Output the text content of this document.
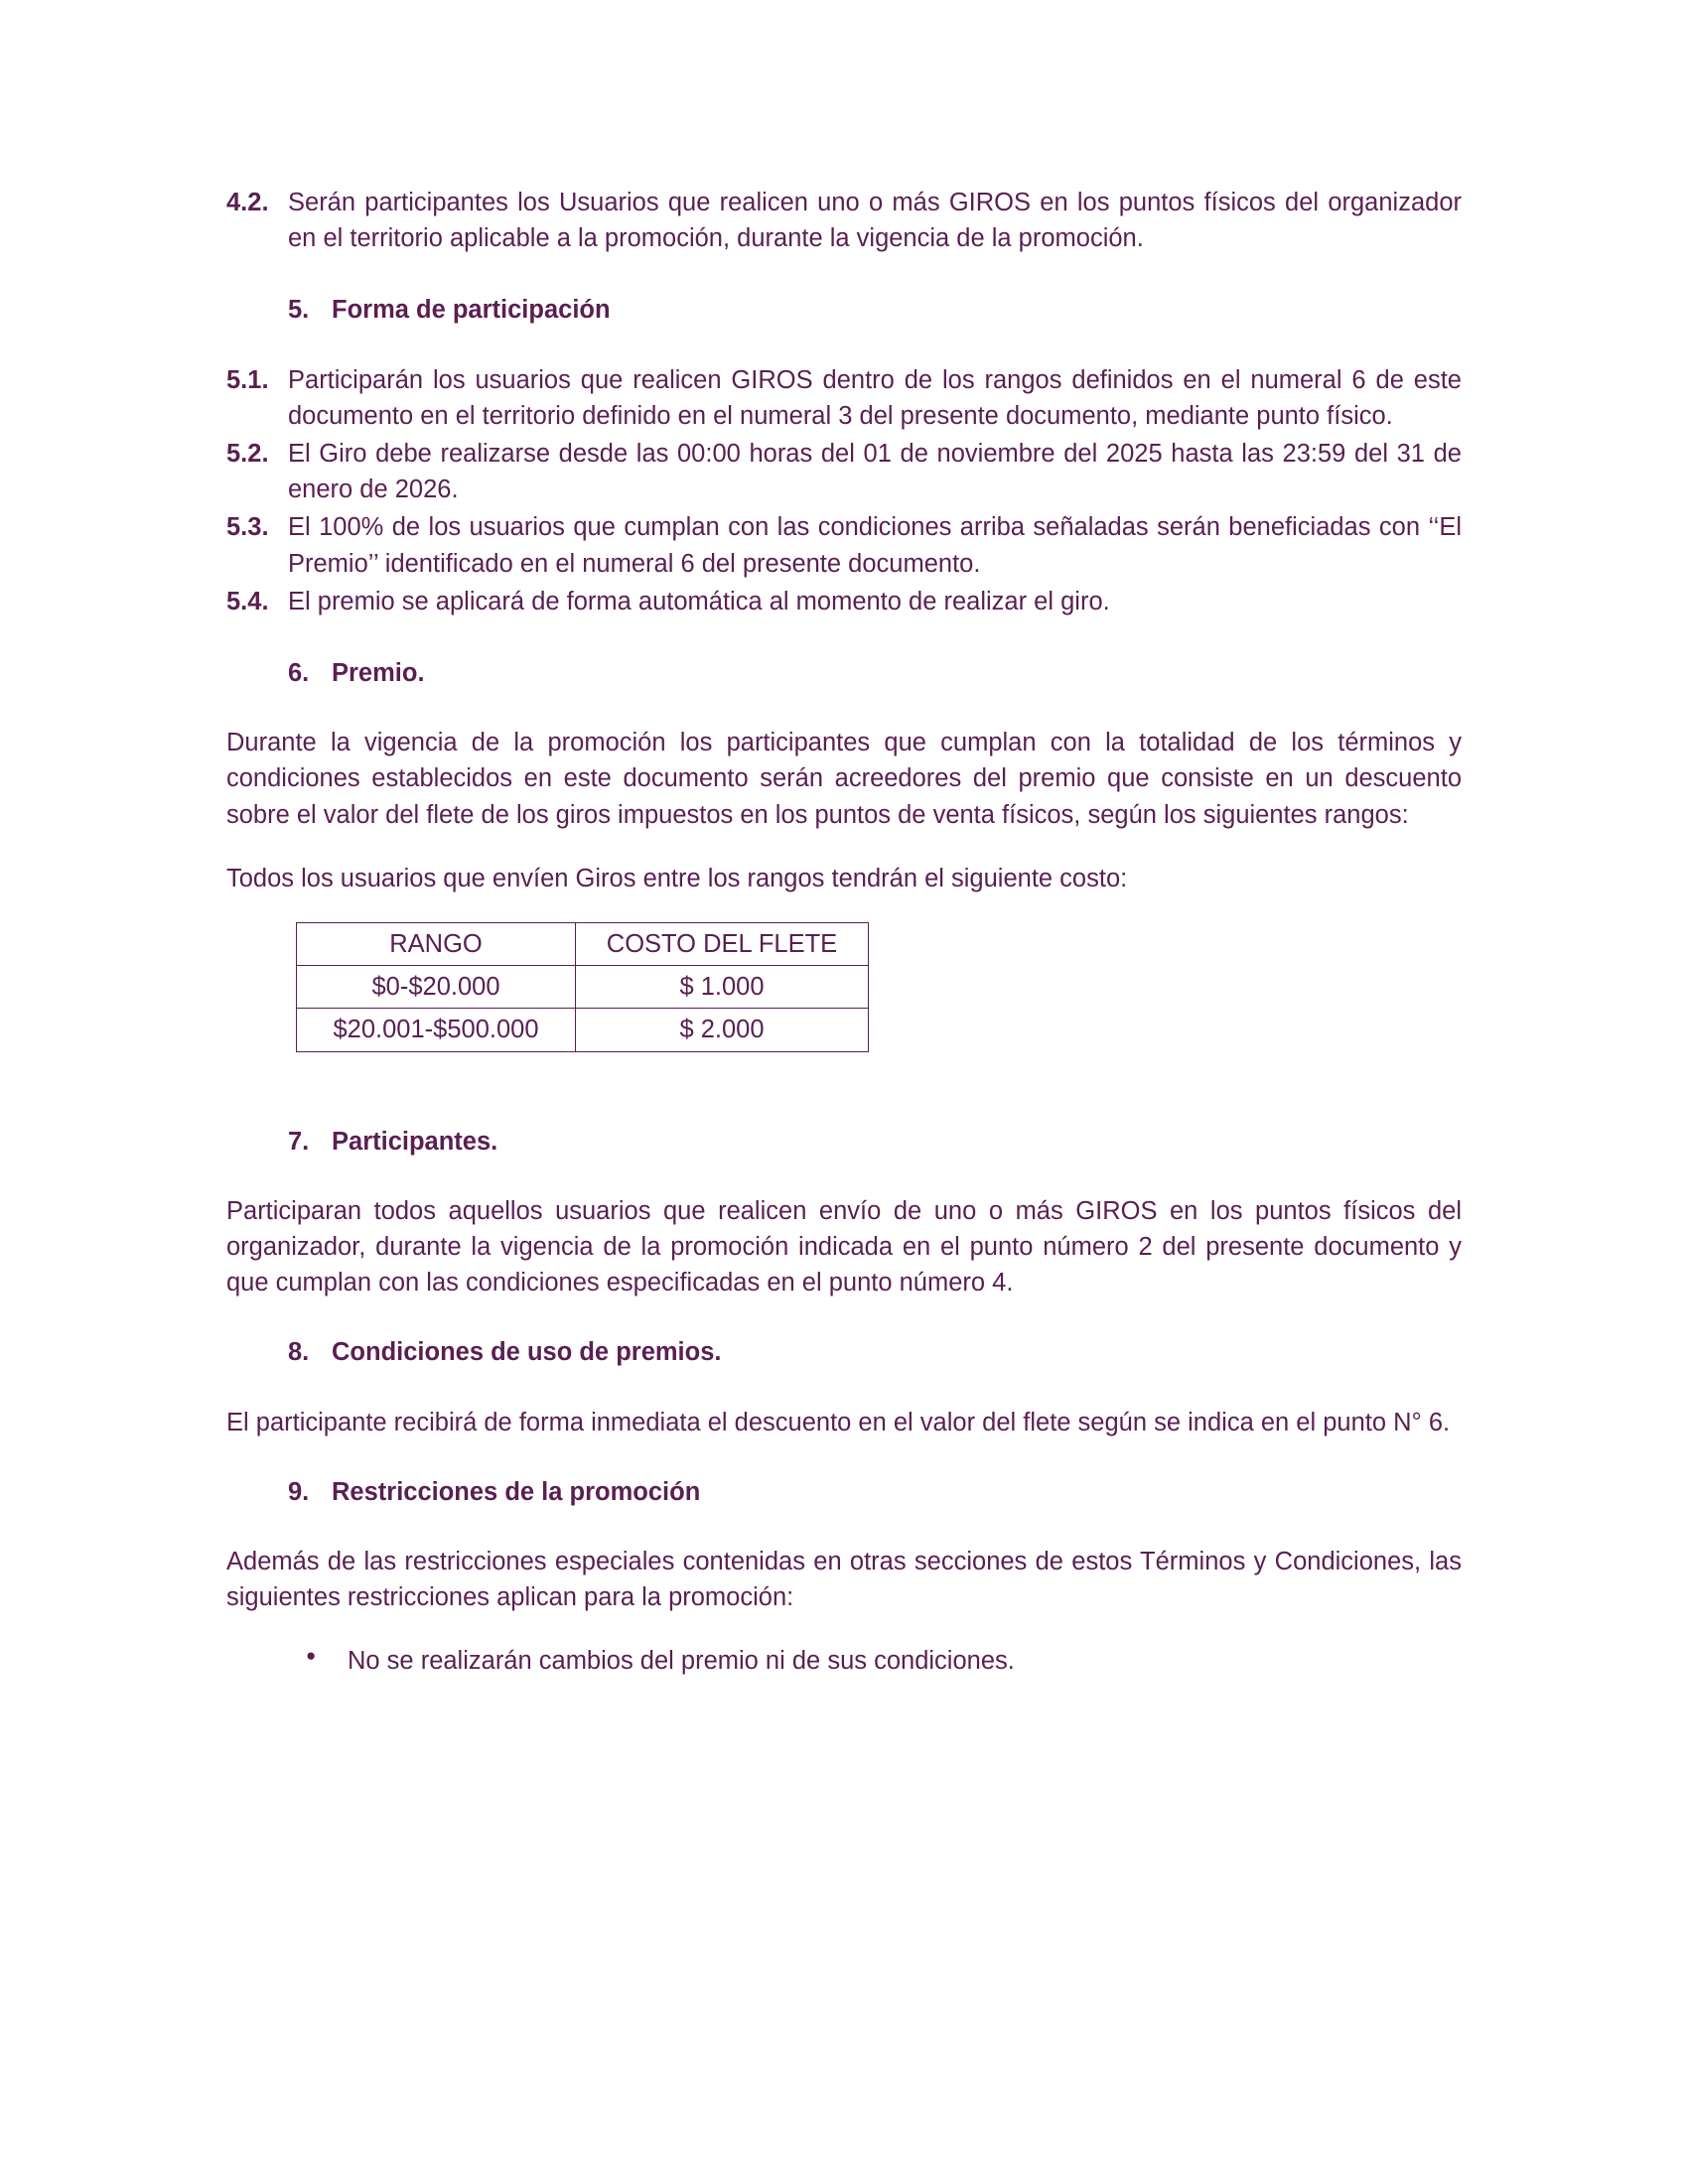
4.2. Serán participantes los Usuarios que realicen uno o más GIROS en los puntos físicos del organizador en el territorio aplicable a la promoción, durante la vigencia de la promoción.
5. Forma de participación
5.1. Participarán los usuarios que realicen GIROS dentro de los rangos definidos en el numeral 6 de este documento en el territorio definido en el numeral 3 del presente documento, mediante punto físico.
5.2. El Giro debe realizarse desde las 00:00 horas del 01 de noviembre del 2025 hasta las 23:59 del 31 de enero de 2026.
5.3. El 100% de los usuarios que cumplan con las condiciones arriba señaladas serán beneficiadas con ‘‘El Premio’’ identificado en el numeral 6 del presente documento.
5.4. El premio se aplicará de forma automática al momento de realizar el giro.
6. Premio.

Durante la vigencia de la promoción los participantes que cumplan con la totalidad de los términos y condiciones establecidos en este documento serán acreedores del premio que consiste en un descuento sobre el valor del flete de los giros impuestos en los puntos de venta físicos, según los siguientes rangos:

Todos los usuarios que envíen Giros entre los rangos tendrán el siguiente costo:

RANGO	COSTO DEL FLETE
$0-$20.000	$ 1.000
$20.001-$500.000	$ 2.000
7. Participantes.

Participaran todos aquellos usuarios que realicen envío de uno o más GIROS en los puntos físicos del organizador, durante la vigencia de la promoción indicada en el punto número 2 del presente documento y que cumplan con las condiciones especificadas en el punto número 4.

8. Condiciones de uso de premios.

El participante recibirá de forma inmediata el descuento en el valor del flete según se indica en el punto N° 6.

9. Restricciones de la promoción

Además de las restricciones especiales contenidas en otras secciones de estos Términos y Condiciones, las siguientes restricciones aplican para la promoción:

● No se realizarán cambios del premio ni de sus condiciones.
